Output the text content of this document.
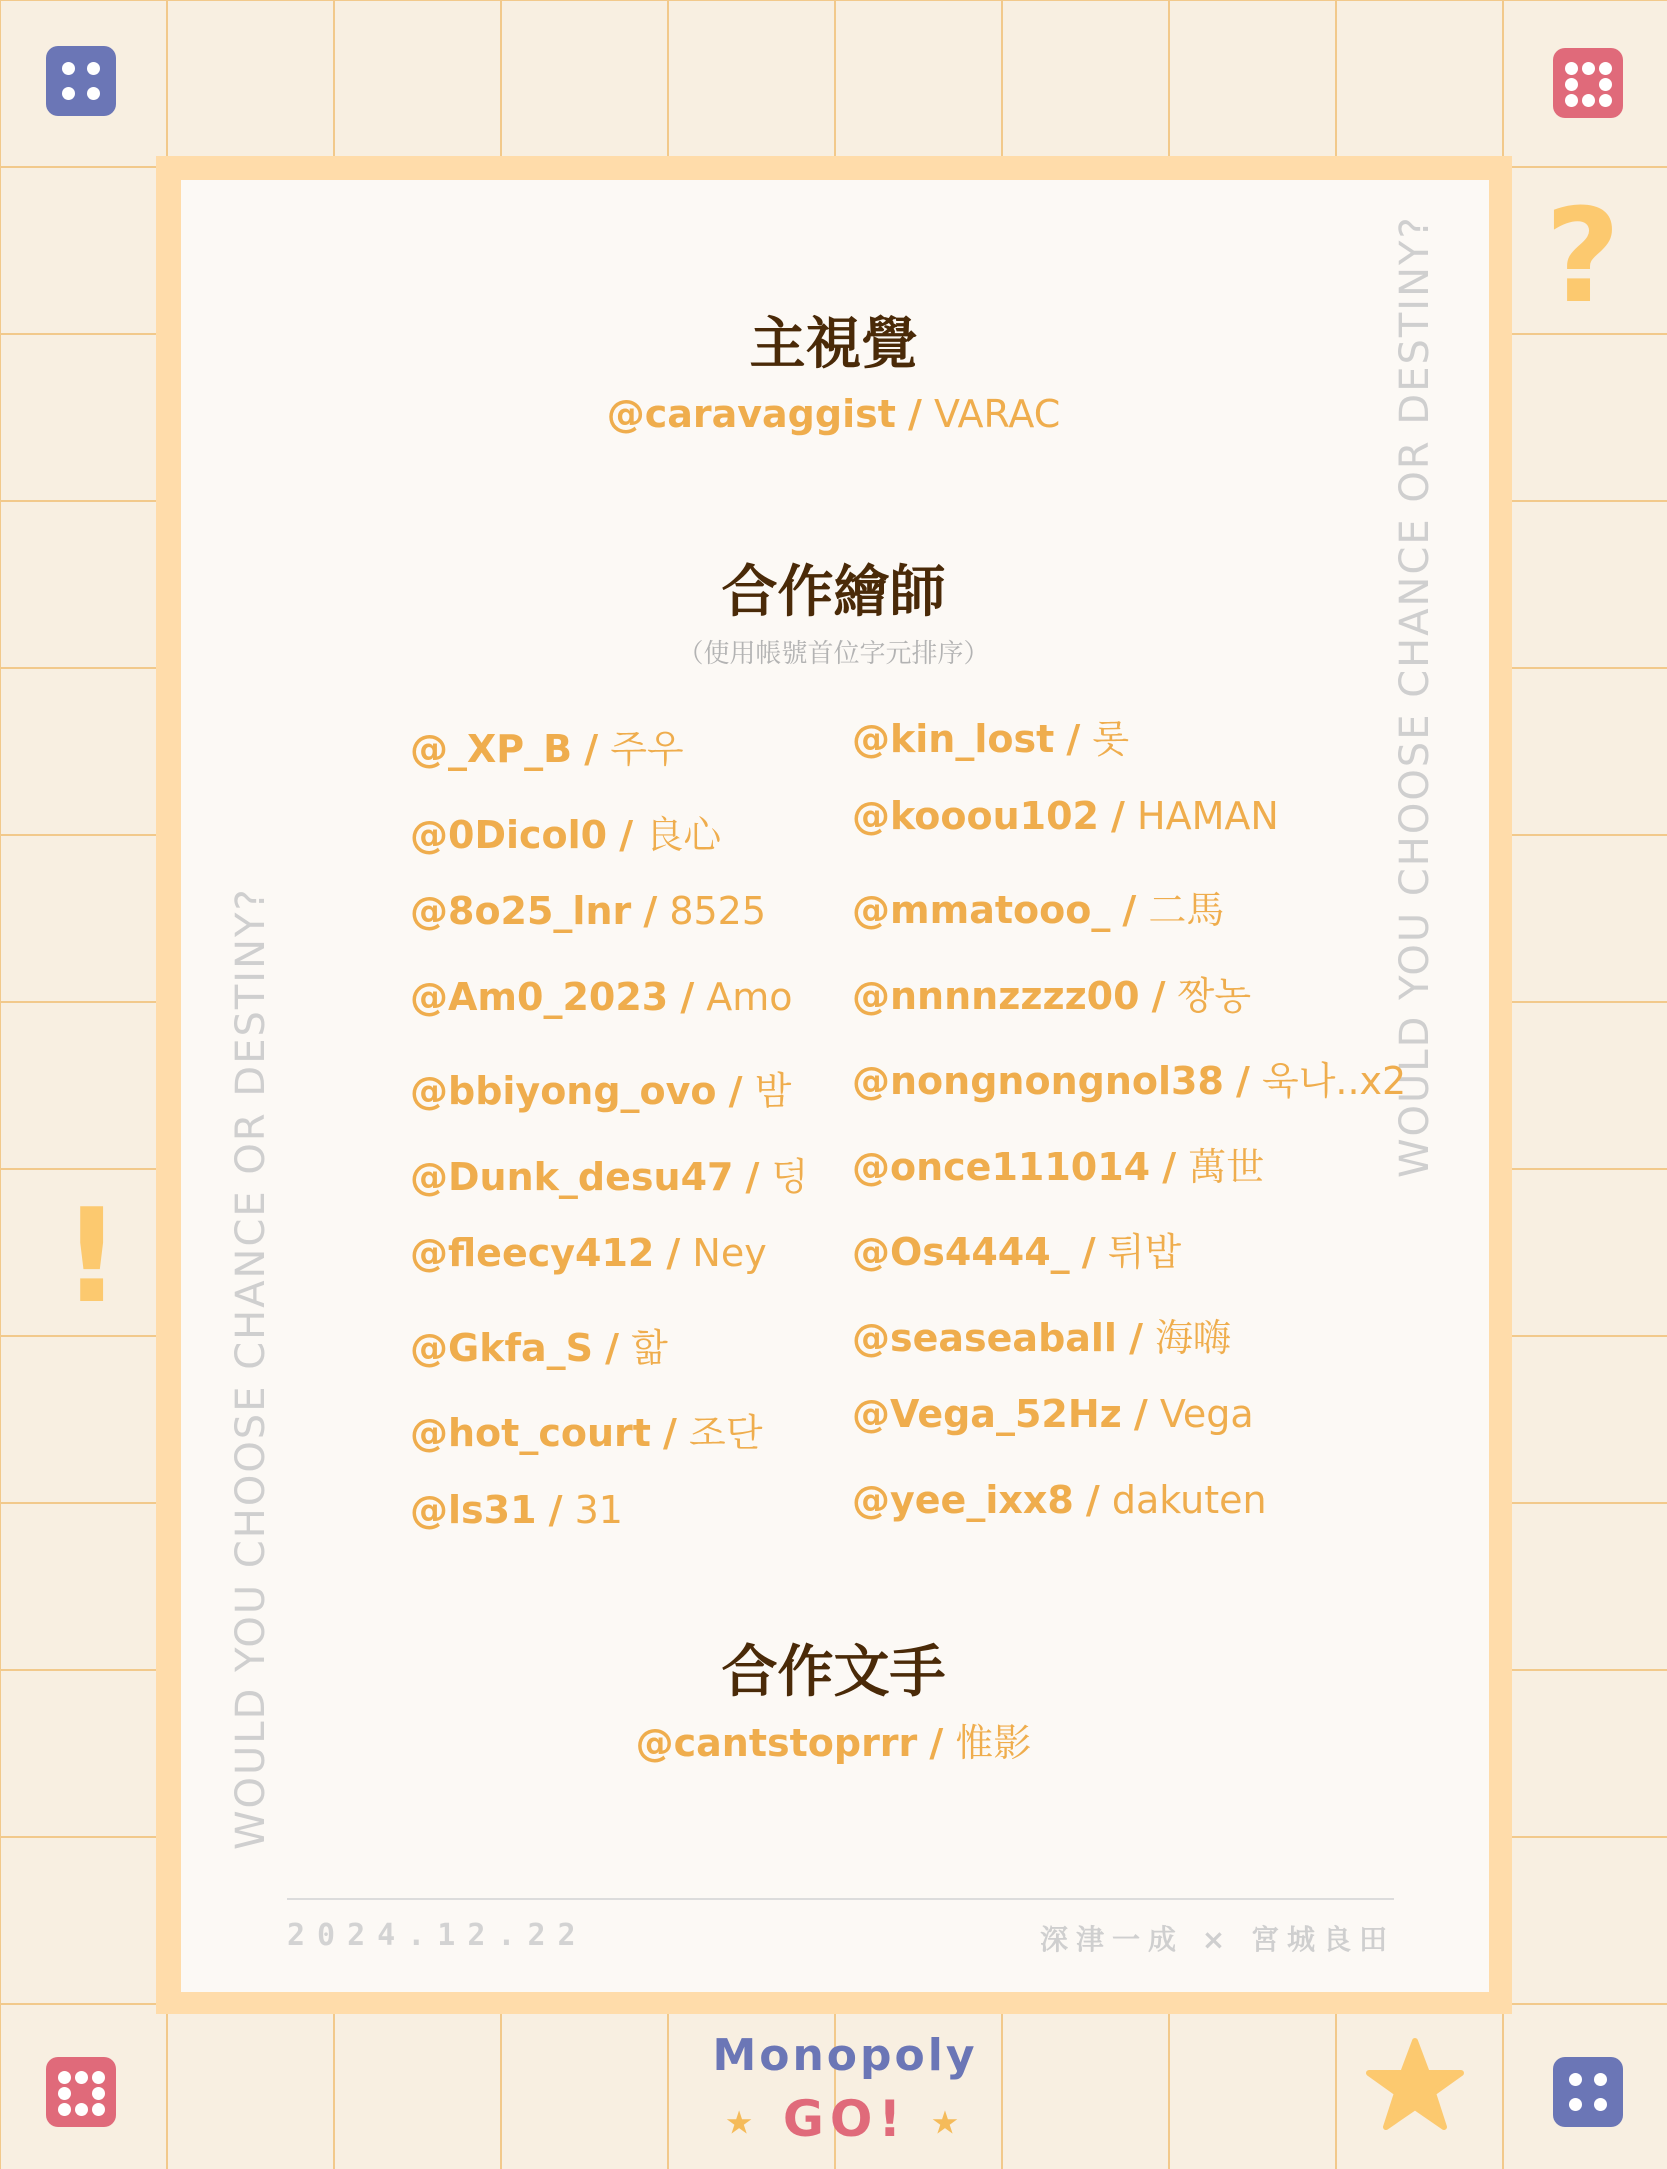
?
!	WOULD YOU CHOOSE CHANCE OR DESTINY?
WOULD YOU CHOOSE CHANCE OR DESTINY?
主視覺
@caravaggist / VARAC
合作繪師
（使用帳號首位字元排序）
@_XP_B / 주우
@0Dicol0 / 良心
@8o25_lnr / 8525
@Am0_2023 / Amo
@bbiyong_ovo / 밤
@Dunk_desu47 / 덩
@fleecy412 / Ney
@Gkfa_S / 핢
@hot_court / 조단
@ls31 / 31
@kin_lost / 롯
@kooou102 / HAMAN
@mmatooo_ / 二馬
@nnnnzzzz00 / 짱농
@nongnongnol38 / 욱나..x2
@once111014 / 萬世
@Os4444_ / 튀밥
@seaseaball / 海嗨
@Vega_52Hz / Vega
@yee_ixx8 / dakuten
合作文手
@cantstoprrr / 惟影
2024.12.22	深津一成 × 宮城良田
Monopoly
★ GO! ★
